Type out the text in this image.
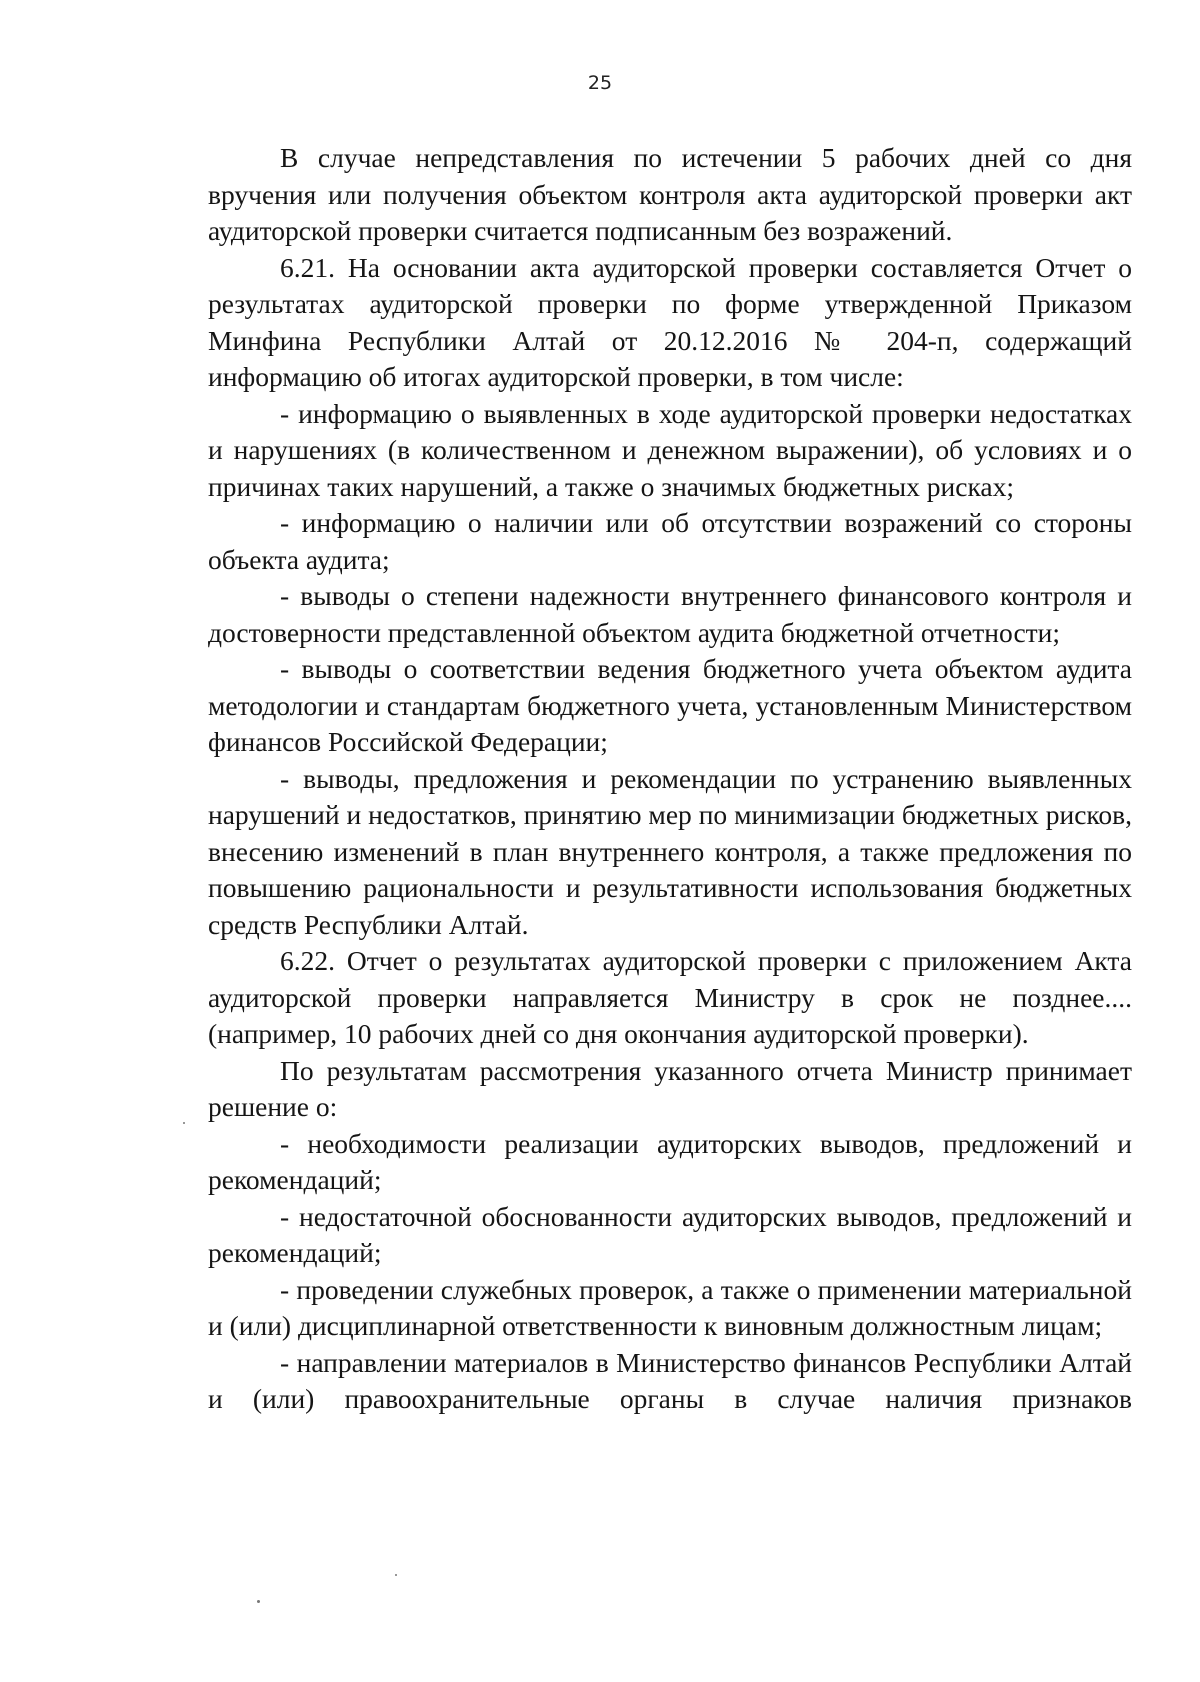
25

В случае непредставления по истечении 5 рабочих дней со дня вручения или получения объектом контроля акта аудиторской проверки акт аудиторской проверки считается подписанным без возражений.

6.21. На основании акта аудиторской проверки составляется Отчет о результатах аудиторской проверки по форме утвержденной Приказом Минфина Республики Алтай от 20.12.2016 № 204-п, содержащий информацию об итогах аудиторской проверки, в том числе:

- информацию о выявленных в ходе аудиторской проверки недостатках и нарушениях (в количественном и денежном выражении), об условиях и о причинах таких нарушений, а также о значимых бюджетных рисках;

- информацию о наличии или об отсутствии возражений со стороны объекта аудита;

- выводы о степени надежности внутреннего финансового контроля и достоверности представленной объектом аудита бюджетной отчетности;

- выводы о соответствии ведения бюджетного учета объектом аудита методологии и стандартам бюджетного учета, установленным Министерством финансов Российской Федерации;

- выводы, предложения и рекомендации по устранению выявленных нарушений и недостатков, принятию мер по минимизации бюджетных рисков, внесению изменений в план внутреннего контроля, а также предложения по повышению рациональности и результативности использования бюджетных средств Республики Алтай.

6.22. Отчет о результатах аудиторской проверки с приложением Акта аудиторской проверки направляется Министру в срок не позднее.... (например, 10 рабочих дней со дня окончания аудиторской проверки).

По результатам рассмотрения указанного отчета Министр принимает решение о:

- необходимости реализации аудиторских выводов, предложений и рекомендаций;

- недостаточной обоснованности аудиторских выводов, предложений и рекомендаций;

- проведении служебных проверок, а также о применении материальной и (или) дисциплинарной ответственности к виновным должностным лицам;

- направлении материалов в Министерство финансов Республики Алтай и (или) правоохранительные органы в случае наличия признаков
